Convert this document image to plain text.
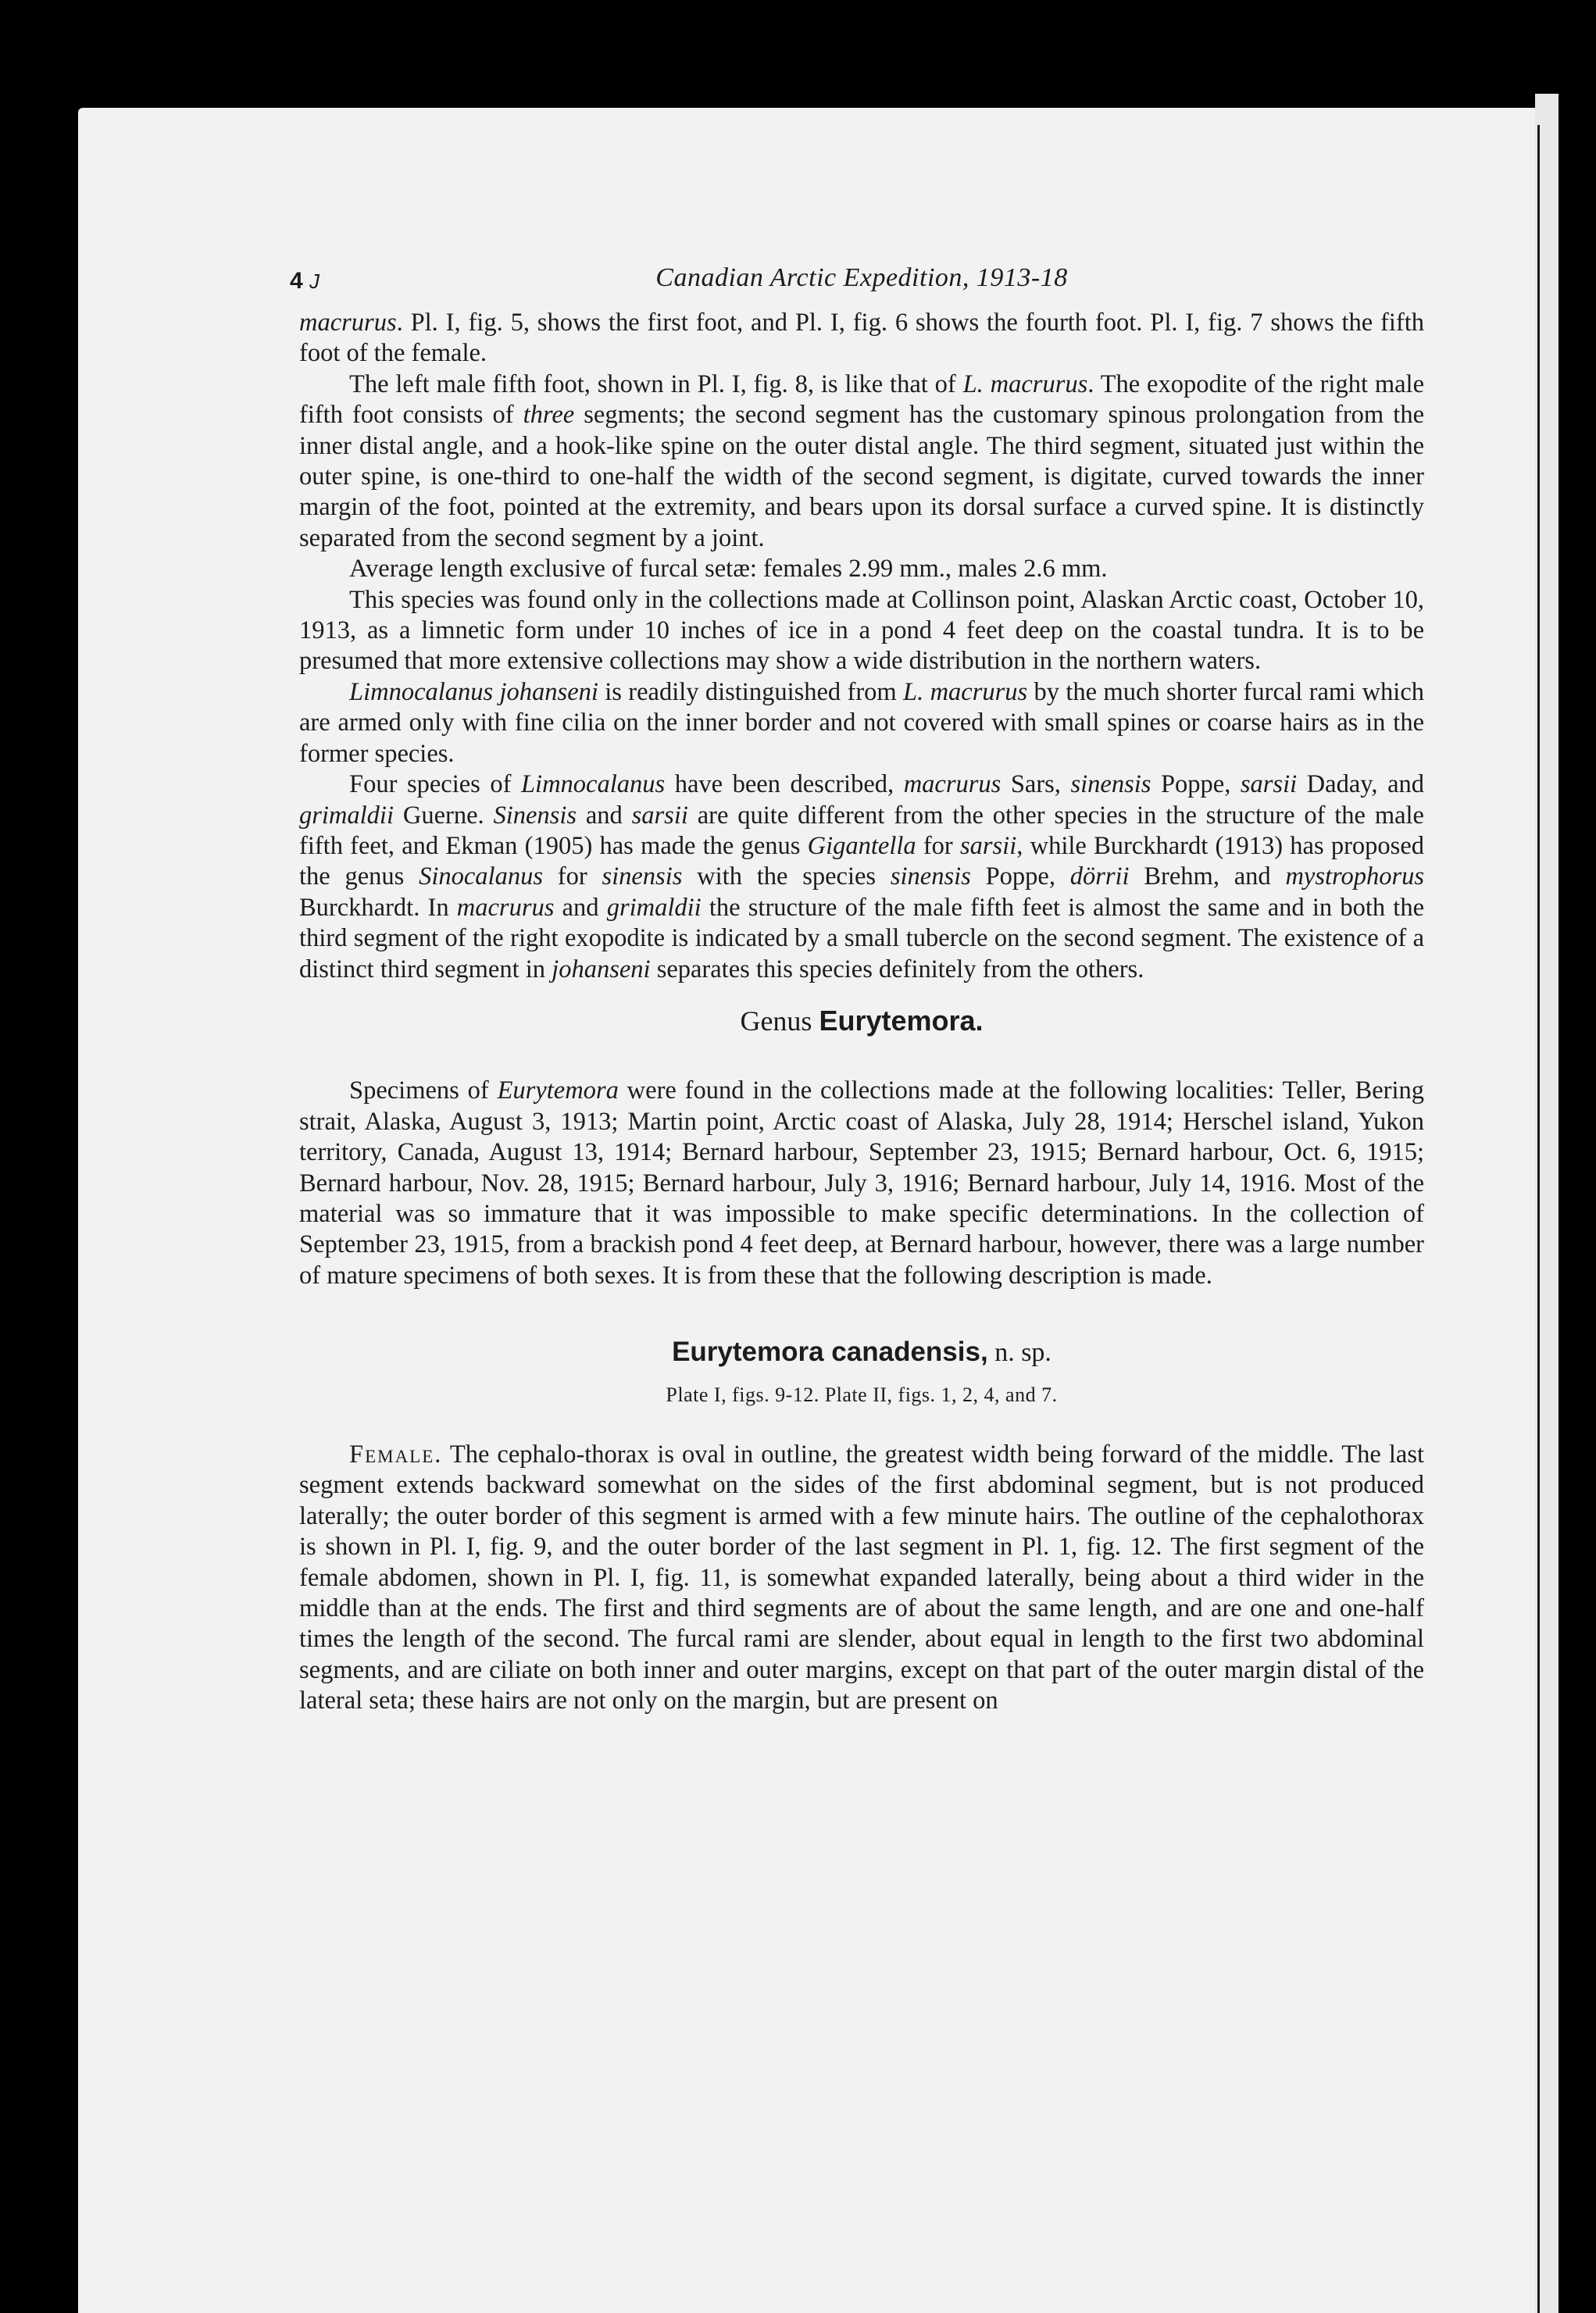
4 J	Canadian Arctic Expedition, 1913-18

macrurus. Pl. I, fig. 5, shows the first foot, and Pl. I, fig. 6 shows the fourth foot. Pl. I, fig. 7 shows the fifth foot of the female.

The left male fifth foot, shown in Pl. I, fig. 8, is like that of L. macrurus. The exopodite of the right male fifth foot consists of three segments; the second segment has the customary spinous prolongation from the inner distal angle, and a hook-like spine on the outer distal angle. The third segment, situated just within the outer spine, is one-third to one-half the width of the second segment, is digitate, curved towards the inner margin of the foot, pointed at the extremity, and bears upon its dorsal surface a curved spine. It is distinctly separated from the second segment by a joint.

Average length exclusive of furcal setæ: females 2.99 mm., males 2.6 mm.

This species was found only in the collections made at Collinson point, Alaskan Arctic coast, October 10, 1913, as a limnetic form under 10 inches of ice in a pond 4 feet deep on the coastal tundra. It is to be presumed that more extensive collections may show a wide distribution in the northern waters.

Limnocalanus johanseni is readily distinguished from L. macrurus by the much shorter furcal rami which are armed only with fine cilia on the inner border and not covered with small spines or coarse hairs as in the former species.

Four species of Limnocalanus have been described, macrurus Sars, sinensis Poppe, sarsii Daday, and grimaldii Guerne. Sinensis and sarsii are quite different from the other species in the structure of the male fifth feet, and Ekman (1905) has made the genus Gigantella for sarsii, while Burckhardt (1913) has proposed the genus Sinocalanus for sinensis with the species sinensis Poppe, dörrii Brehm, and mystrophorus Burckhardt. In macrurus and grimaldii the structure of the male fifth feet is almost the same and in both the third segment of the right exopodite is indicated by a small tubercle on the second segment. The existence of a distinct third segment in johanseni separates this species definitely from the others.

Genus Eurytemora.

Specimens of Eurytemora were found in the collections made at the following localities: Teller, Bering strait, Alaska, August 3, 1913; Martin point, Arctic coast of Alaska, July 28, 1914; Herschel island, Yukon territory, Canada, August 13, 1914; Bernard harbour, September 23, 1915; Bernard harbour, Oct. 6, 1915; Bernard harbour, Nov. 28, 1915; Bernard harbour, July 3, 1916; Bernard harbour, July 14, 1916. Most of the material was so immature that it was impossible to make specific determinations. In the collection of September 23, 1915, from a brackish pond 4 feet deep, at Bernard harbour, however, there was a large number of mature specimens of both sexes. It is from these that the following description is made.

Eurytemora canadensis, n. sp.
Plate I, figs. 9-12. Plate II, figs. 1, 2, 4, and 7.

Female. The cephalo-thorax is oval in outline, the greatest width being forward of the middle. The last segment extends backward somewhat on the sides of the first abdominal segment, but is not produced laterally; the outer border of this segment is armed with a few minute hairs. The outline of the cephalothorax is shown in Pl. I, fig. 9, and the outer border of the last segment in Pl. 1, fig. 12. The first segment of the female abdomen, shown in Pl. I, fig. 11, is somewhat expanded laterally, being about a third wider in the middle than at the ends. The first and third segments are of about the same length, and are one and one-half times the length of the second. The furcal rami are slender, about equal in length to the first two abdominal segments, and are ciliate on both inner and outer margins, except on that part of the outer margin distal of the lateral seta; these hairs are not only on the margin, but are present on
